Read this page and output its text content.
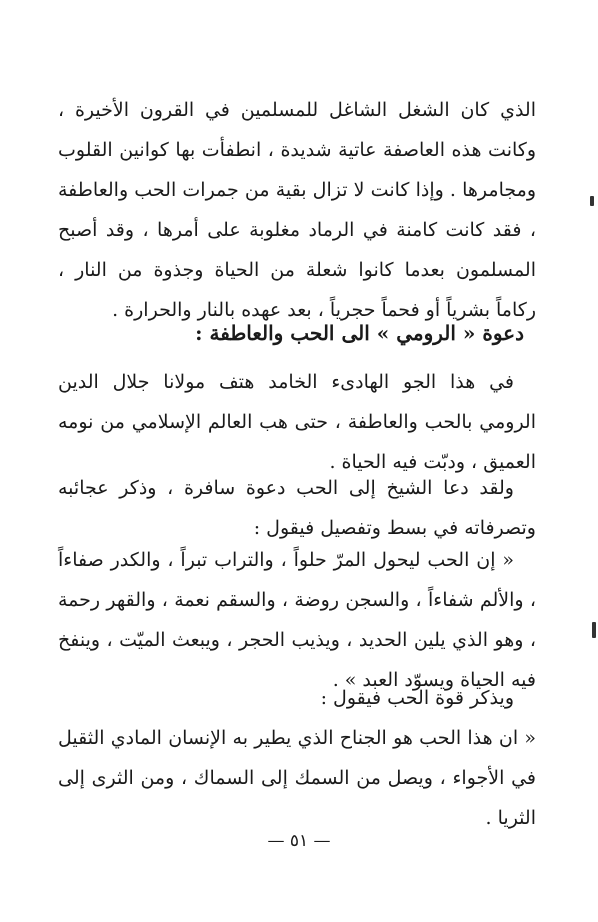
الذي كان الشغل الشاغل للمسلمين في القرون الأخيرة ، وكانت هذه العاصفة عاتية شديدة ، انطفأت بها كوانين القلوب ومجامرها . وإذا كانت لا تزال بقية من جمرات الحب والعاطفة ، فقد كانت كامنة في الرماد مغلوبة على أمرها ، وقد أصبح المسلمون بعدما كانوا شعلة من الحياة وجذوة من النار ، ركاماً بشرياً أو فحماً حجرياً ، بعد عهده بالنار والحرارة .

دعوة « الرومي » الى الحب والعاطفة :

في هذا الجو الهادىء الخامد هتف مولانا جلال الدين الرومي بالحب والعاطفة ، حتى هب العالم الإسلامي من نومه العميق ، ودبّت فيه الحياة .

ولقد دعا الشيخ إلى الحب دعوة سافرة ، وذكر عجائبه وتصرفاته في بسط وتفصيل فيقول :

« إن الحب ليحول المرّ حلواً ، والتراب تبراً ، والكدر صفاءاً ، والألم شفاءاً ، والسجن روضة ، والسقم نعمة ، والقهر رحمة ، وهو الذي يلين الحديد ، ويذيب الحجر ، ويبعث الميّت ، وينفخ فيه الحياة ويسوّد العبد » .

ويذكر قوة الحب فيقول :

« ان هذا الحب هو الجناح الذي يطير به الإنسان المادي الثقيل في الأجواء ، ويصل من السمك إلى السماك ، ومن الثرى إلى الثريا .

— ٥١ —
